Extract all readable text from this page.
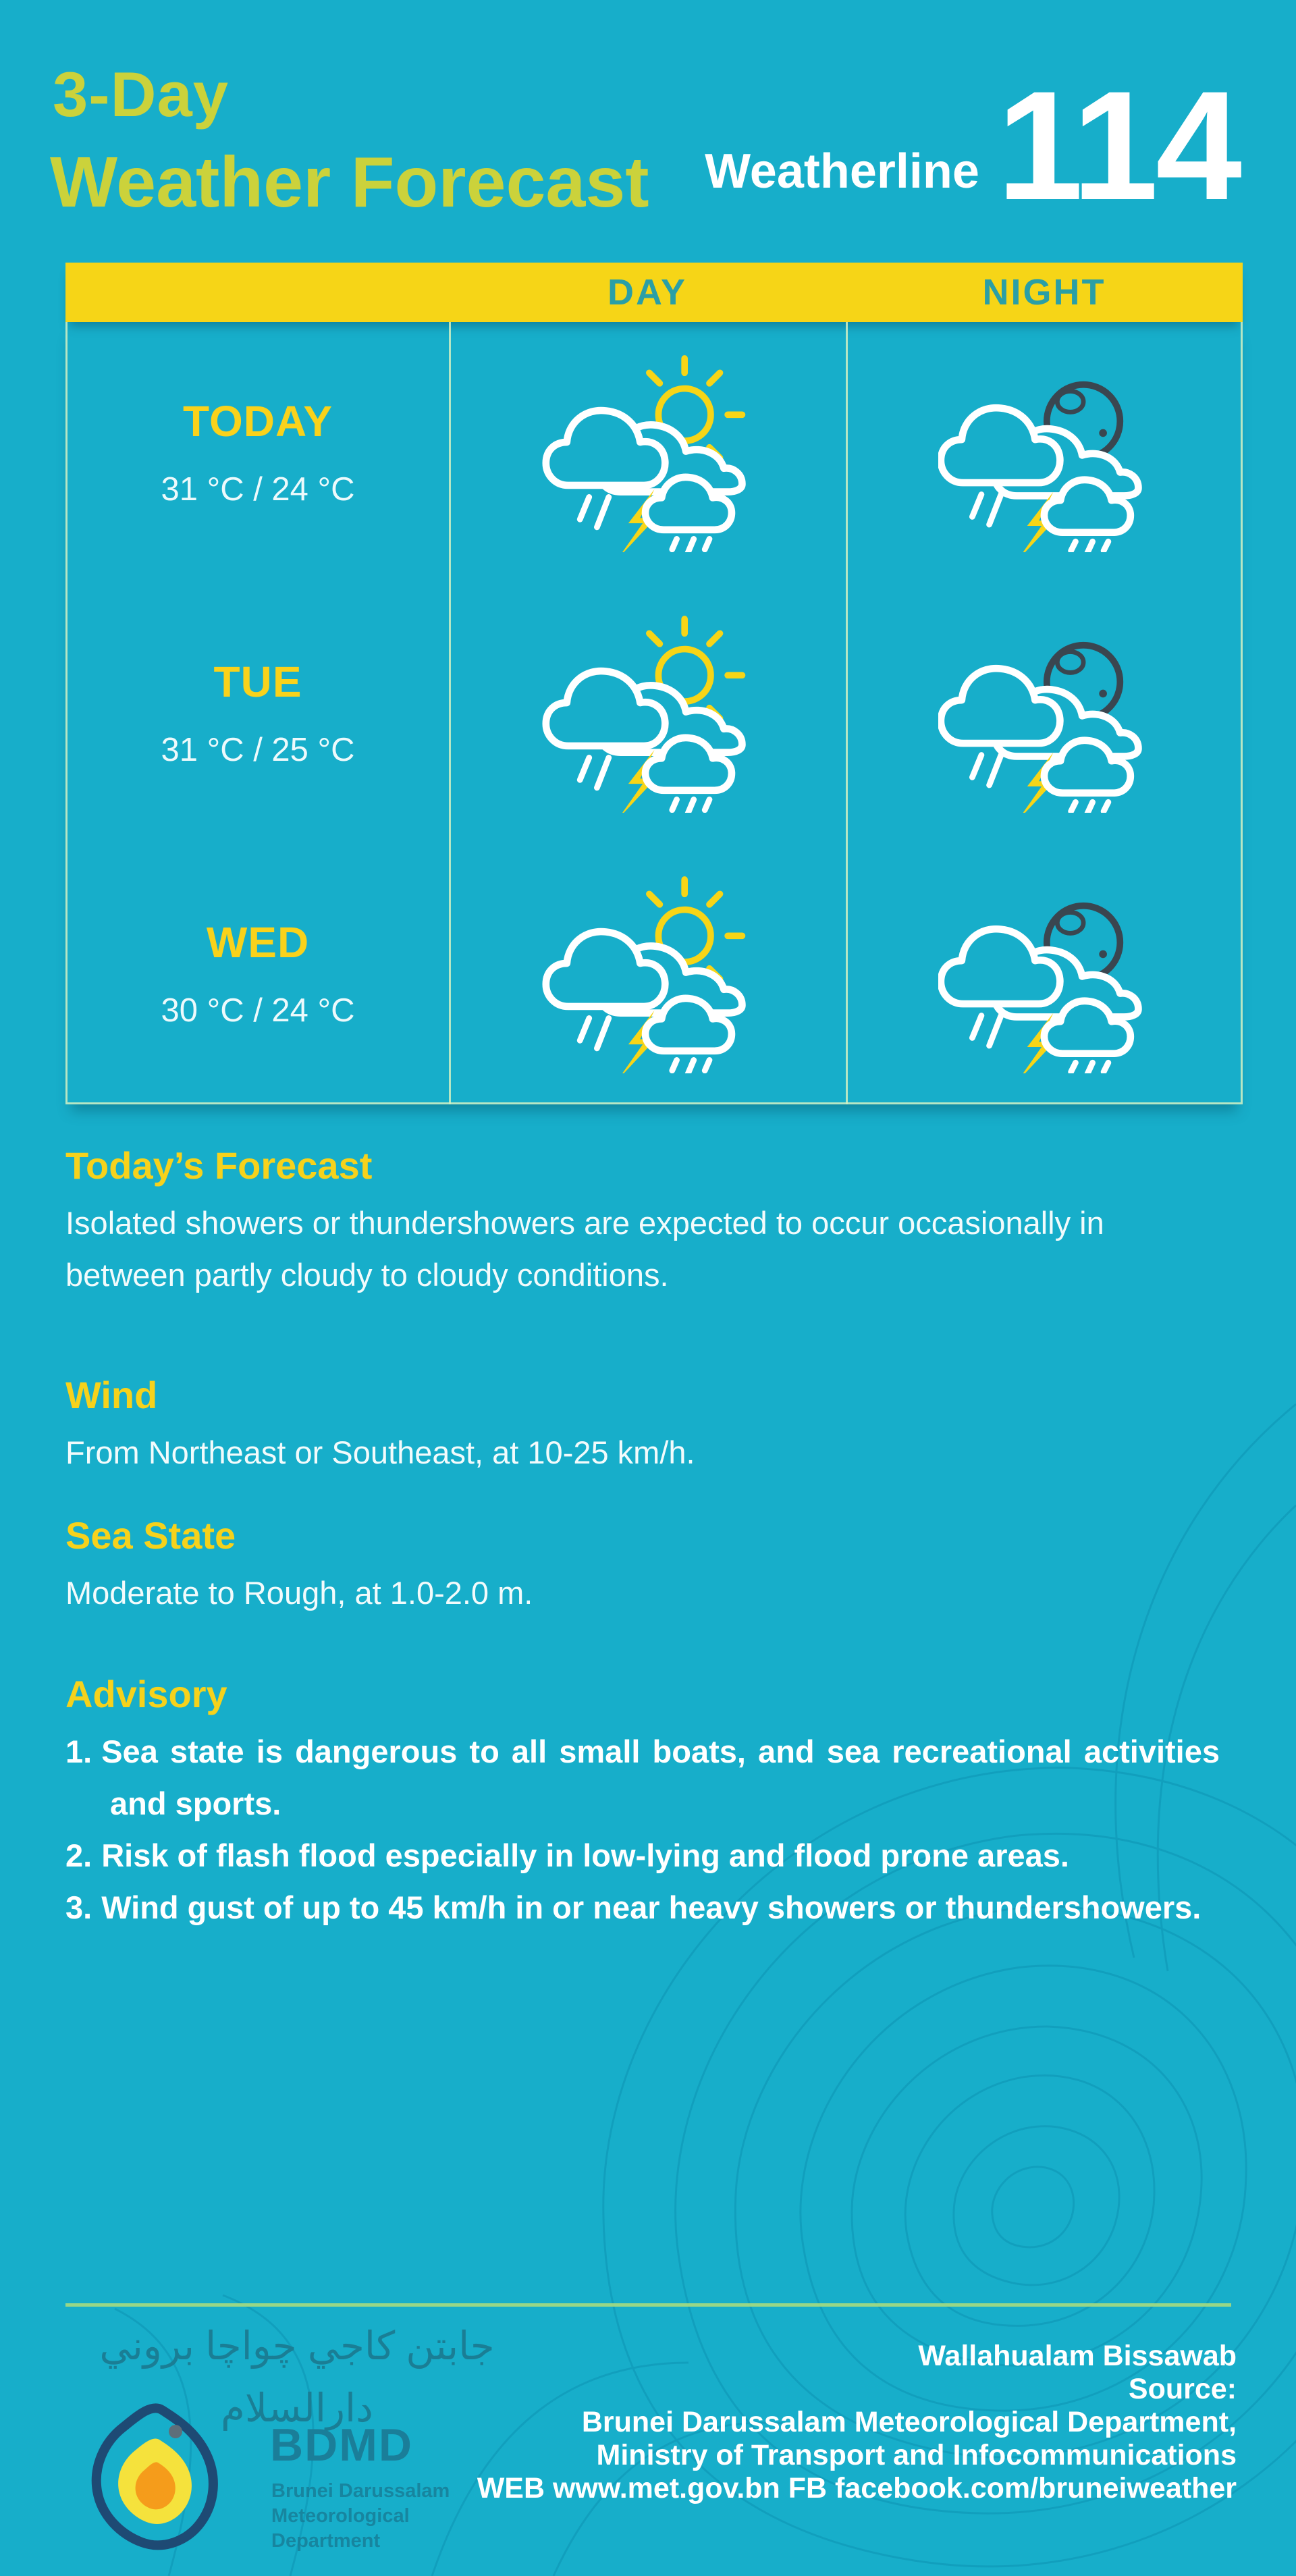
3-Day
Weather Forecast Weatherline 114
DAY	NIGHT
TODAY
31 °C / 24 °C
TUE
31 °C / 25 °C
WED
30 °C / 24 °C
Today’s Forecast

Isolated showers or thundershowers are expected to occur occasionally in between partly cloudy to cloudy conditions.

Wind

From Northeast or Southeast, at 10-25 km/h.

Sea State

Moderate to Rough, at 1.0-2.0 m.

Advisory
1. Sea state is dangerous to all small boats, and sea recreational activities and sports.
2. Risk of flash flood especially in low-lying and flood prone areas.
3. Wind gust of up to 45 km/h in or near heavy showers or thundershowers.
جابتن كاجي چواچا بروني دارالسلام
BDMD
Brunei Darussalam
Meteorological
Department
Wallahualam Bissawab
Source:
Brunei Darussalam Meteorological Department,
Ministry of Transport and Infocommunications
WEB www.met.gov.bn FB facebook.com/bruneiweather
